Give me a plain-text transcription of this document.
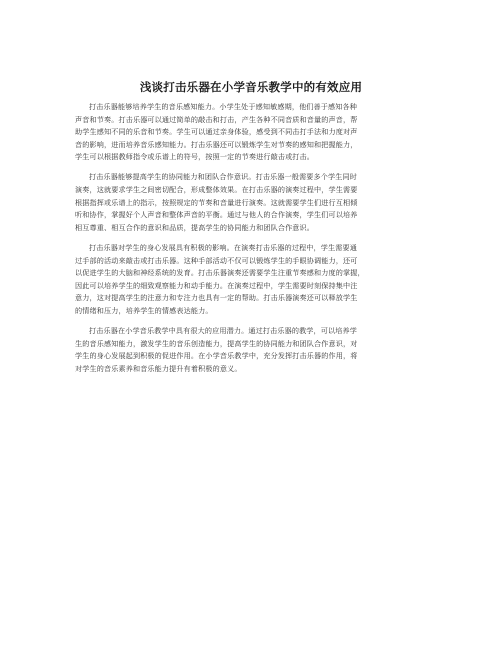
浅谈打击乐器在小学音乐教学中的有效应用

打击乐器能够培养学生的音乐感知能力。小学生处于感知敏感期，他们善于感知各种
声音和节奏。打击乐器可以通过简单的敲击和打击，产生各种不同音质和音量的声音，帮
助学生感知不同的乐音和节奏。学生可以通过亲身体验，感受到不同击打手法和力度对声
音的影响，进而培养音乐感知能力。打击乐器还可以锻炼学生对节奏的感知和把握能力，
学生可以根据教师指令或乐谱上的符号，按照一定的节奏进行敲击或打击。

打击乐器能够提高学生的协同能力和团队合作意识。打击乐器一般需要多个学生同时
演奏，这就要求学生之间密切配合，形成整体效果。在打击乐器的演奏过程中，学生需要
根据指挥或乐谱上的指示，按照规定的节奏和音量进行演奏。这就需要学生们进行互相倾
听和协作，掌握好个人声音和整体声音的平衡。通过与他人的合作演奏，学生们可以培养
相互尊重、相互合作的意识和品质，提高学生的协同能力和团队合作意识。

打击乐器对学生的身心发展具有积极的影响。在演奏打击乐器的过程中，学生需要通
过手部的活动来敲击或打击乐器。这种手部活动不仅可以锻炼学生的手眼协调能力，还可
以促进学生的大脑和神经系统的发育。打击乐器演奏还需要学生注重节奏感和力度的掌握，
因此可以培养学生的细致观察能力和动手能力。在演奏过程中，学生需要时刻保持集中注
意力，这对提高学生的注意力和专注力也具有一定的帮助。打击乐器演奏还可以释放学生
的情绪和压力，培养学生的情感表达能力。

打击乐器在小学音乐教学中具有很大的应用潜力。通过打击乐器的教学，可以培养学
生的音乐感知能力，激发学生的音乐创造能力，提高学生的协同能力和团队合作意识，对
学生的身心发展起到积极的促进作用。在小学音乐教学中，充分发挥打击乐器的作用，将
对学生的音乐素养和音乐能力提升有着积极的意义。
